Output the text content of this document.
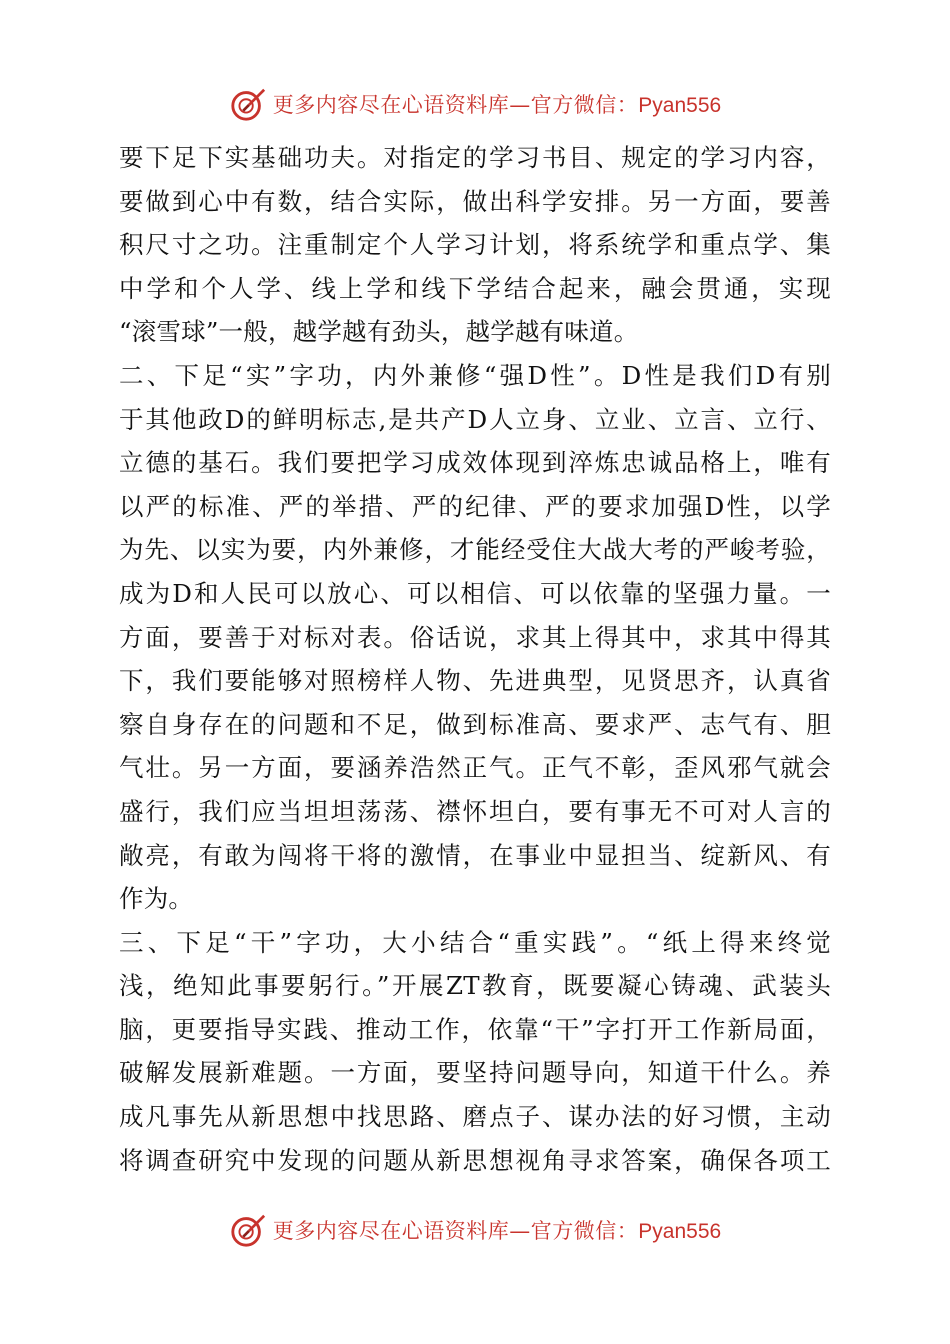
更多内容尽在心语资料库—官方微信：Pyan556
要下足下实基础功夫。对指定的学习书目、规定的学习内容，
要做到心中有数，结合实际，做出科学安排。另一方面，要善
积尺寸之功。注重制定个人学习计划，将系统学和重点学、集
中学和个人学、线上学和线下学结合起来，融会贯通，实现
“滚雪球”一般，越学越有劲头，越学越有味道。
二、下足“实”字功，内外兼修“强D性”。D性是我们D有别
于其他政D的鲜明标志,是共产D人立身、立业、立言、立行、
立德的基石。我们要把学习成效体现到淬炼忠诚品格上，唯有
以严的标准、严的举措、严的纪律、严的要求加强D性，以学
为先、以实为要，内外兼修，才能经受住大战大考的严峻考验，
成为D和人民可以放心、可以相信、可以依靠的坚强力量。一
方面，要善于对标对表。俗话说，求其上得其中，求其中得其
下，我们要能够对照榜样人物、先进典型，见贤思齐，认真省
察自身存在的问题和不足，做到标准高、要求严、志气有、胆
气壮。另一方面，要涵养浩然正气。正气不彰，歪风邪气就会
盛行，我们应当坦坦荡荡、襟怀坦白，要有事无不可对人言的
敞亮，有敢为闯将干将的激情，在事业中显担当、绽新风、有
作为。
三、下足“干”字功，大小结合“重实践”。“纸上得来终觉
浅，绝知此事要躬行。”开展ZT教育，既要凝心铸魂、武装头
脑，更要指导实践、推动工作，依靠“干”字打开工作新局面，
破解发展新难题。一方面，要坚持问题导向，知道干什么。养
成凡事先从新思想中找思路、磨点子、谋办法的好习惯，主动
将调查研究中发现的问题从新思想视角寻求答案，确保各项工
更多内容尽在心语资料库—官方微信：Pyan556
